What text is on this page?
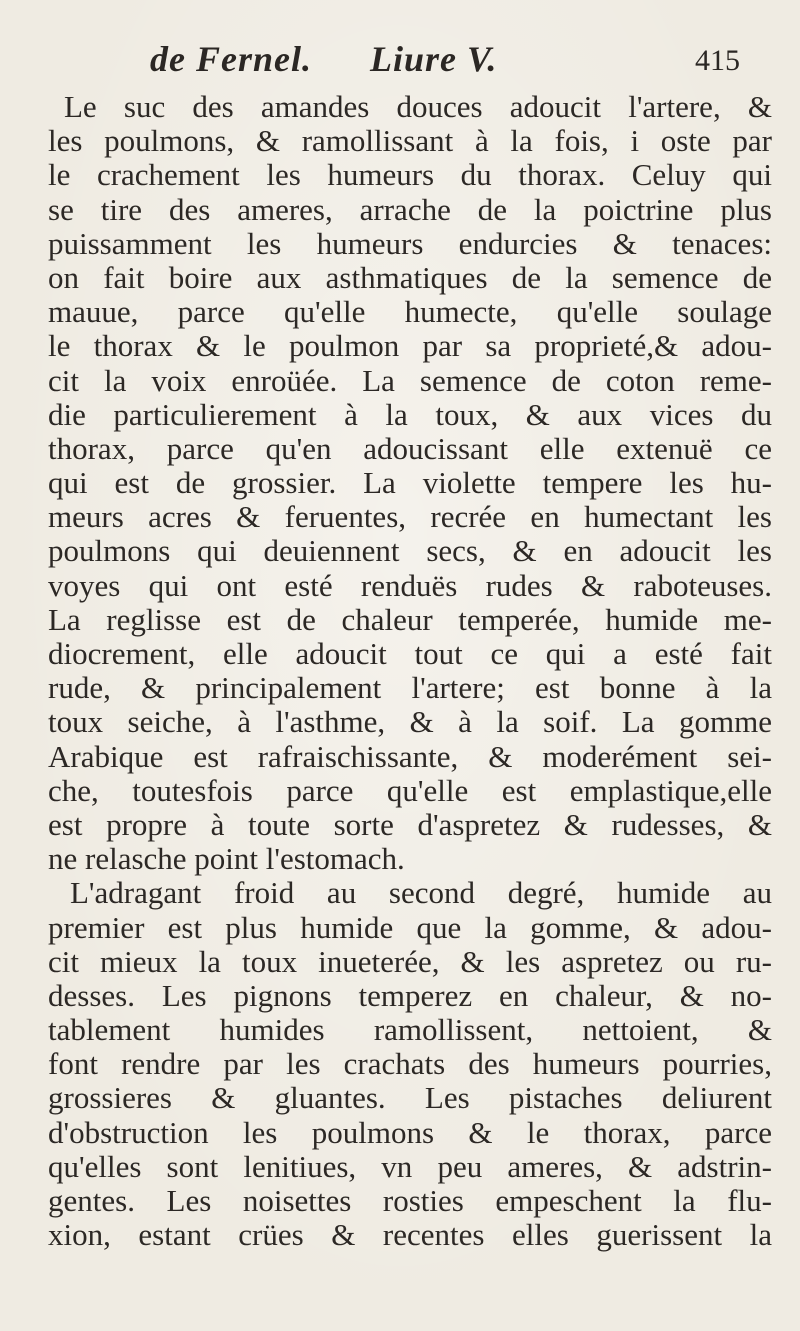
de Fernel. Liure V.	415
Le suc des amandes douces adoucit l'artere, &
les poulmons, & ramollissant à la fois, i oste par
le crachement les humeurs du thorax. Celuy qui
se tire des ameres, arrache de la poictrine plus
puissamment les humeurs endurcies & tenaces:
on fait boire aux asthmatiques de la semence de
mauue, parce qu'elle humecte, qu'elle soulage
le thorax & le poulmon par sa proprieté,& adou-
cit la voix enroüée. La semence de coton reme-
die particulierement à la toux, & aux vices du
thorax, parce qu'en adoucissant elle extenuë ce
qui est de grossier. La violette tempere les hu-
meurs acres & feruentes, recrée en humectant les
poulmons qui deuiennent secs, & en adoucit les
voyes qui ont esté renduës rudes & raboteuses.
La reglisse est de chaleur temperée, humide me-
diocrement, elle adoucit tout ce qui a esté fait
rude, & principalement l'artere; est bonne à la
toux seiche, à l'asthme, & à la soif. La gomme
Arabique est rafraischissante, & moderément sei-
che, toutesfois parce qu'elle est emplastique,elle
est propre à toute sorte d'aspretez & rudesses, &
ne relasche point l'estomach.
L'adragant froid au second degré, humide au
premier est plus humide que la gomme, & adou-
cit mieux la toux inueterée, & les aspretez ou ru-
desses. Les pignons temperez en chaleur, & no-
tablement humides ramollissent, nettoient, &
font rendre par les crachats des humeurs pourries,
grossieres & gluantes. Les pistaches deliurent
d'obstruction les poulmons & le thorax, parce
qu'elles sont lenitiues, vn peu ameres, & adstrin-
gentes. Les noisettes rosties empeschent la flu-
xion, estant crües & recentes elles guerissent la
